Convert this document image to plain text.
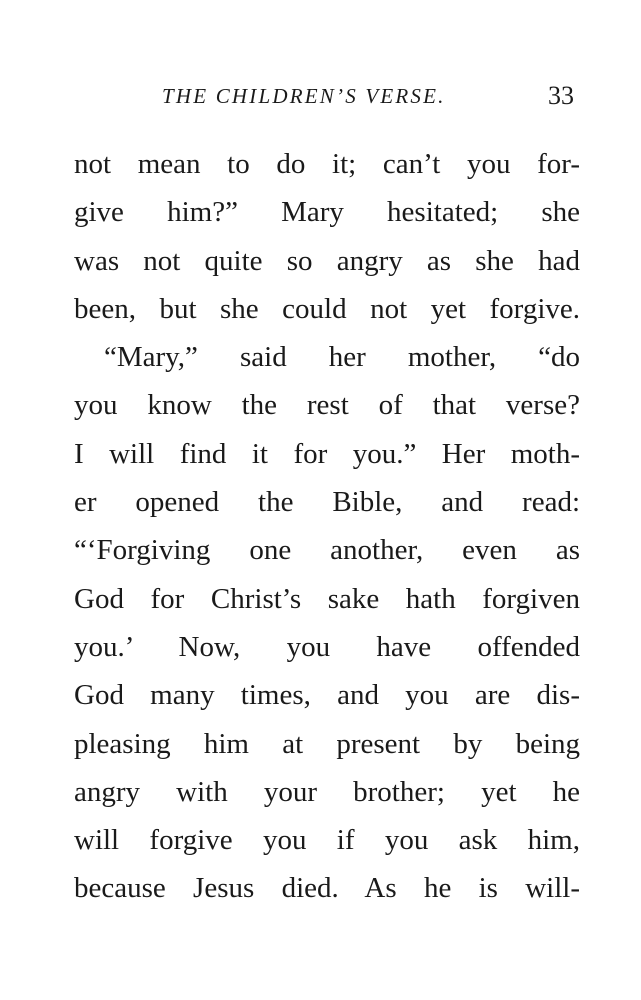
THE CHILDREN’S VERSE.	33
not mean to do it; can’t you for-
give him?” Mary hesitated; she
was not quite so angry as she had
been, but she could not yet forgive.
“Mary,” said her mother, “do
you know the rest of that verse?
I will find it for you.” Her moth-
er opened the Bible, and read:
“‘Forgiving one another, even as
God for Christ’s sake hath forgiven
you.’ Now, you have offended
God many times, and you are dis-
pleasing him at present by being
angry with your brother; yet he
will forgive you if you ask him,
because Jesus died. As he is will-
